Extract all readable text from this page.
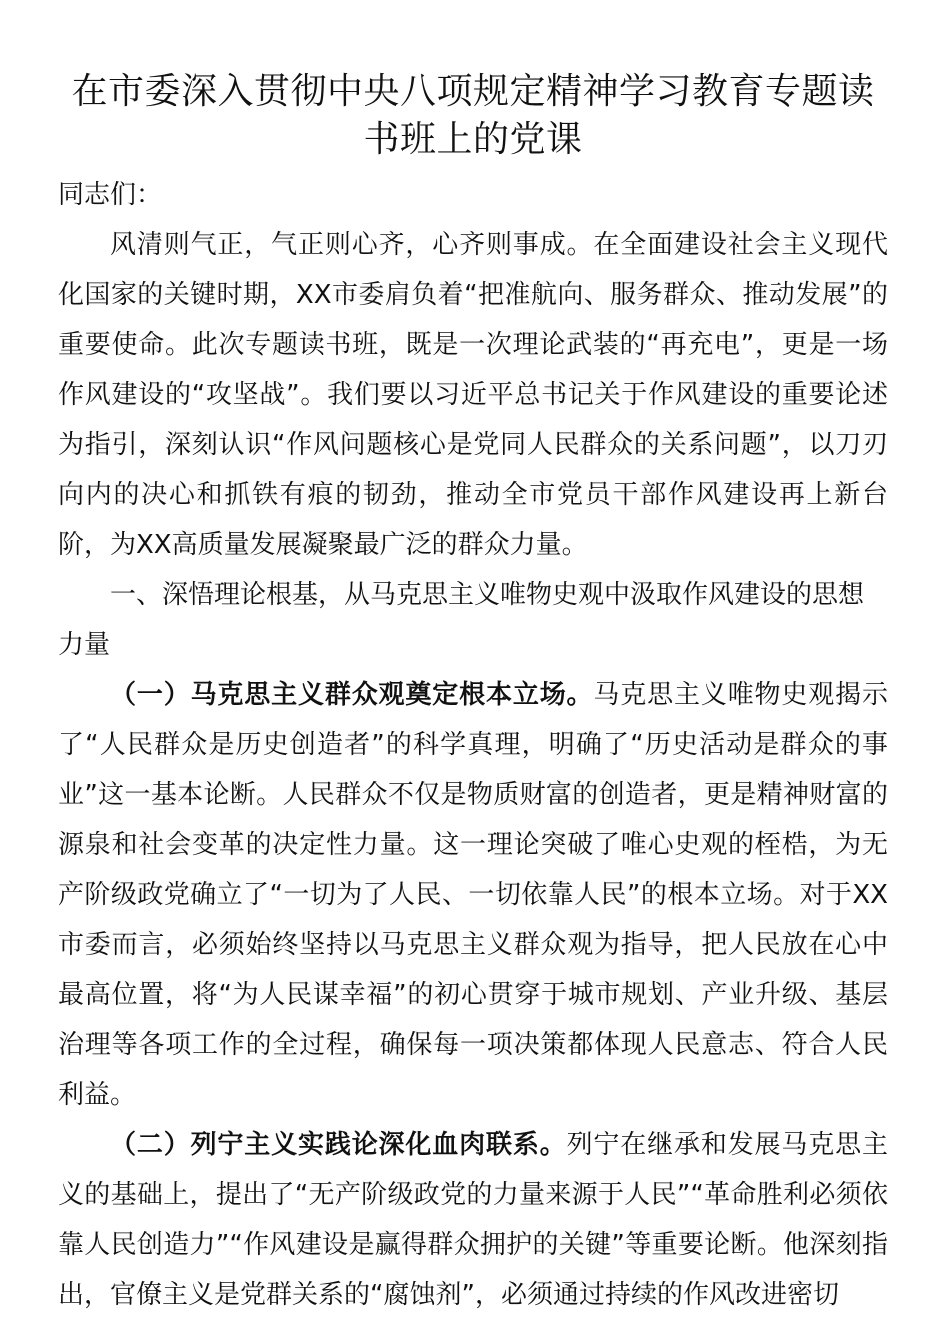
在市委深入贯彻中央八项规定精神学习教育专题读书班上的党课

同志们：

风清则气正，气正则心齐，心齐则事成。在全面建设社会主义现代化国家的关键时期，XX市委肩负着“把准航向、服务群众、推动发展”的重要使命。此次专题读书班，既是一次理论武装的“再充电”，更是一场作风建设的“攻坚战”。我们要以习近平总书记关于作风建设的重要论述为指引，深刻认识“作风问题核心是党同人民群众的关系问题”，以刀刃向内的决心和抓铁有痕的韧劲，推动全市党员干部作风建设再上新台阶，为XX高质量发展凝聚最广泛的群众力量。

一、深悟理论根基，从马克思主义唯物史观中汲取作风建设的思想力量

（一）马克思主义群众观奠定根本立场。马克思主义唯物史观揭示了“人民群众是历史创造者”的科学真理，明确了“历史活动是群众的事业”这一基本论断。人民群众不仅是物质财富的创造者，更是精神财富的源泉和社会变革的决定性力量。这一理论突破了唯心史观的桎梏，为无产阶级政党确立了“一切为了人民、一切依靠人民”的根本立场。对于XX市委而言，必须始终坚持以马克思主义群众观为指导，把人民放在心中最高位置，将“为人民谋幸福”的初心贯穿于城市规划、产业升级、基层治理等各项工作的全过程，确保每一项决策都体现人民意志、符合人民利益。

（二）列宁主义实践论深化血肉联系。列宁在继承和发展马克思主义的基础上，提出了“无产阶级政党的力量来源于人民”“革命胜利必须依靠人民创造力”“作风建设是赢得群众拥护的关键”等重要论断。他深刻指出，官僚主义是党群关系的“腐蚀剂”，必须通过持续的作风改进密切
